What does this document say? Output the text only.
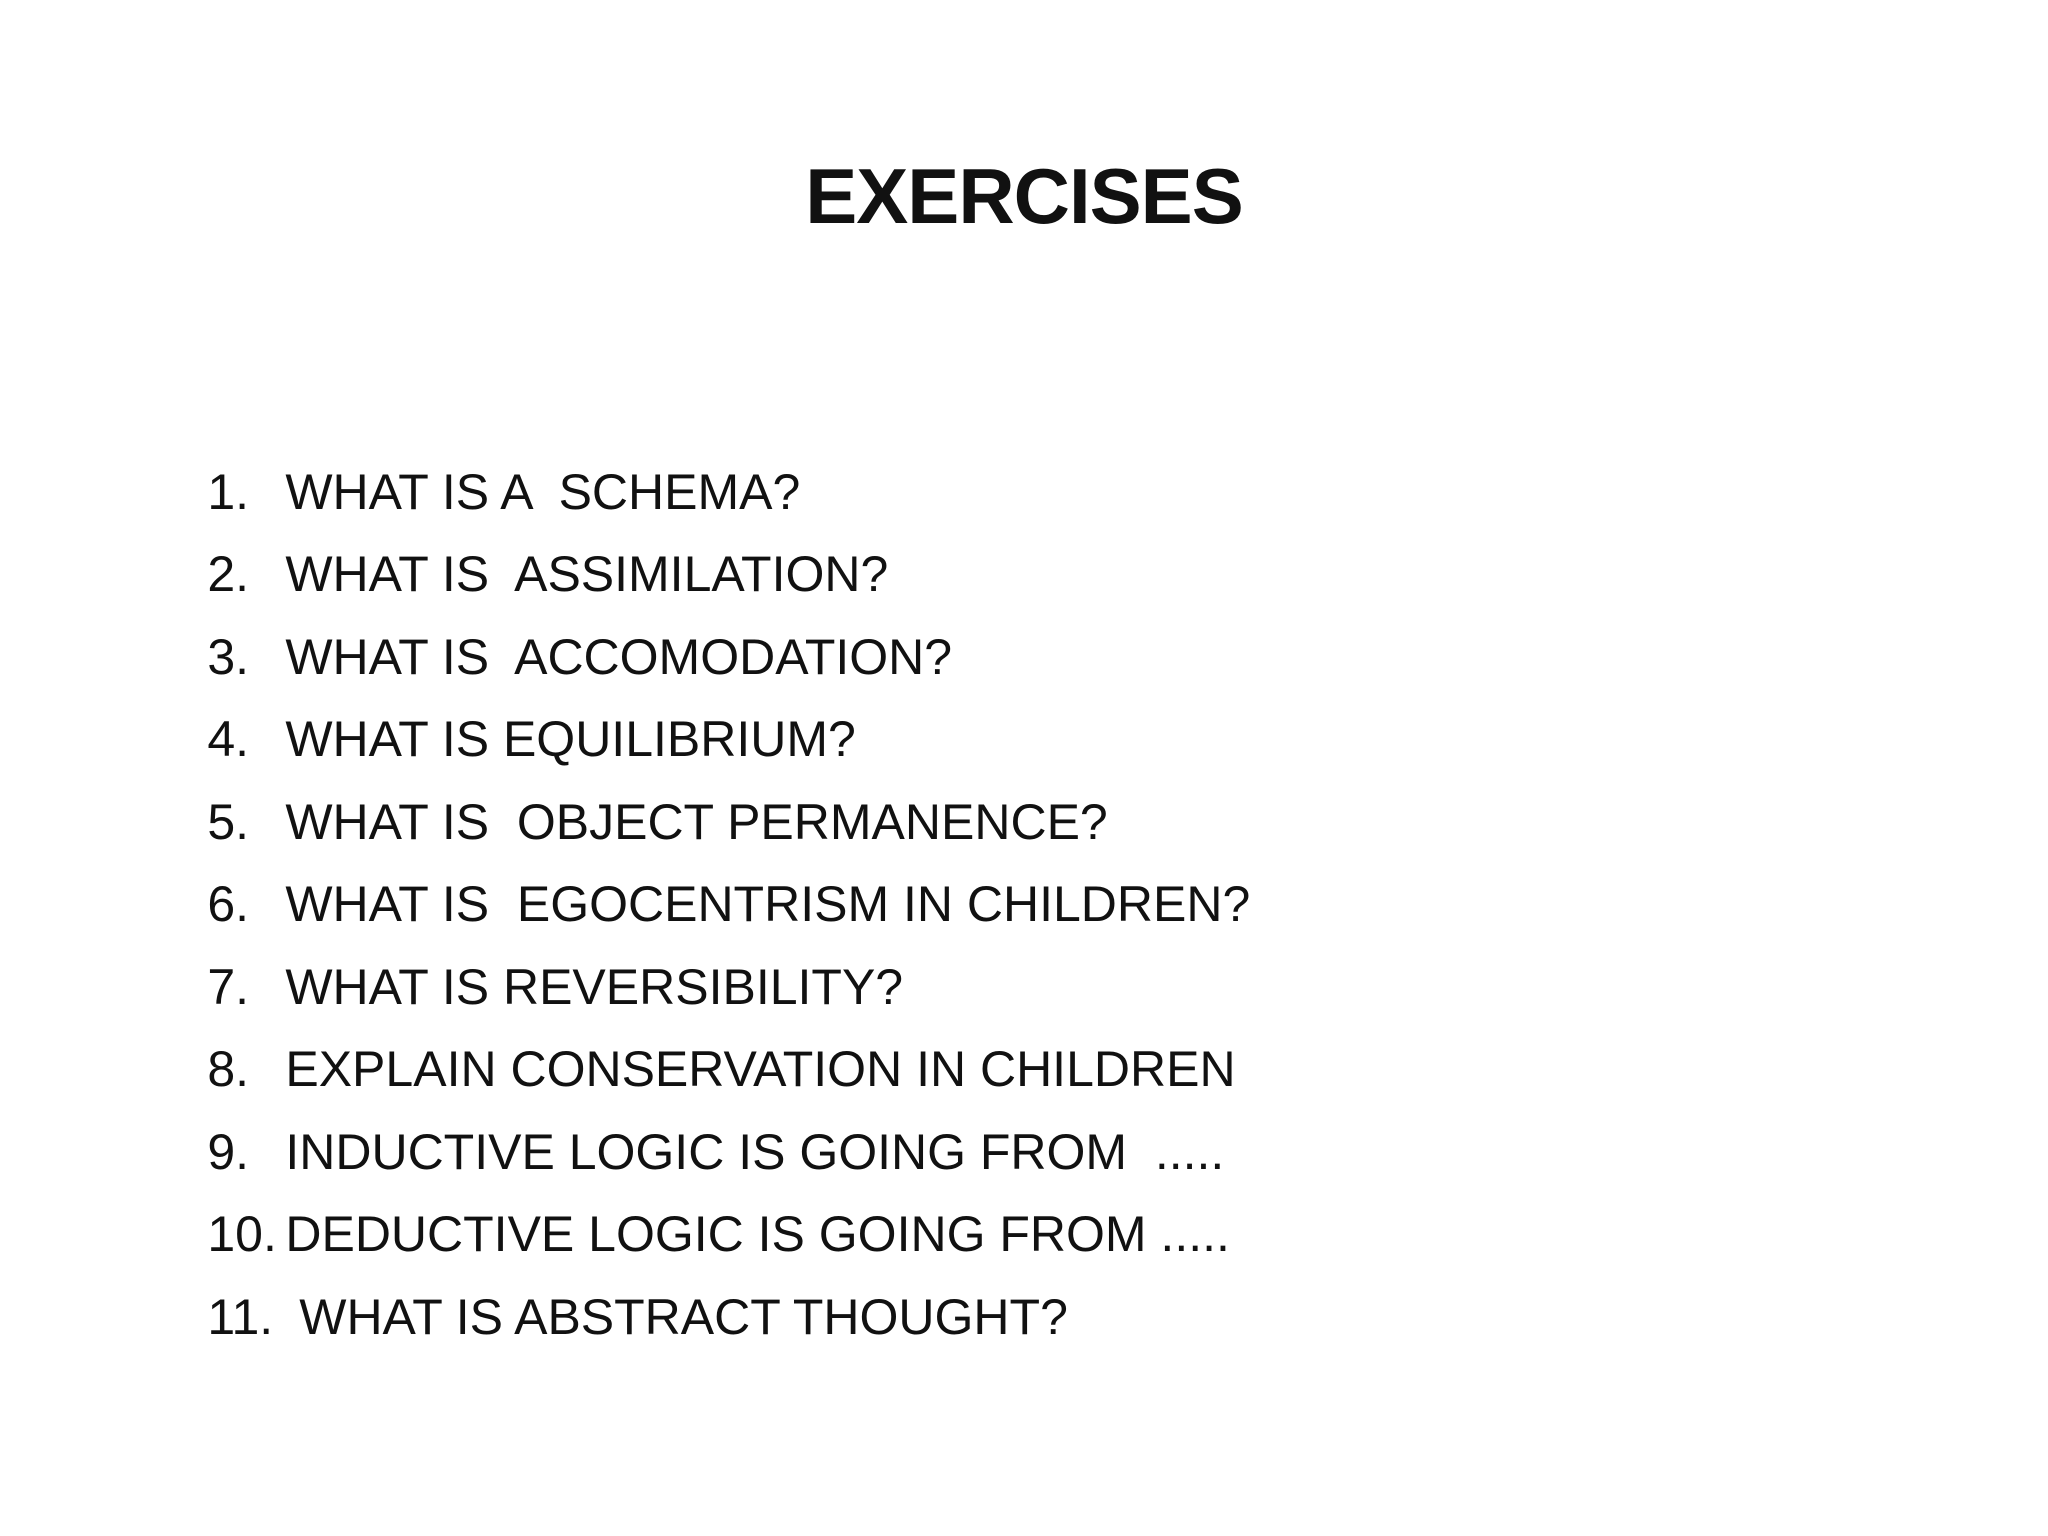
EXERCISES

1. WHAT IS A  SCHEMA?

2. WHAT IS  ASSIMILATION?

3. WHAT IS  ACCOMODATION?

4. WHAT IS EQUILIBRIUM?

5. WHAT IS  OBJECT PERMANENCE?

6. WHAT IS  EGOCENTRISM IN CHILDREN?

7. WHAT IS REVERSIBILITY?

8. EXPLAIN CONSERVATION IN CHILDREN

9. INDUCTIVE LOGIC IS GOING FROM  .....

10. DEDUCTIVE LOGIC IS GOING FROM .....

11. WHAT IS ABSTRACT THOUGHT?
